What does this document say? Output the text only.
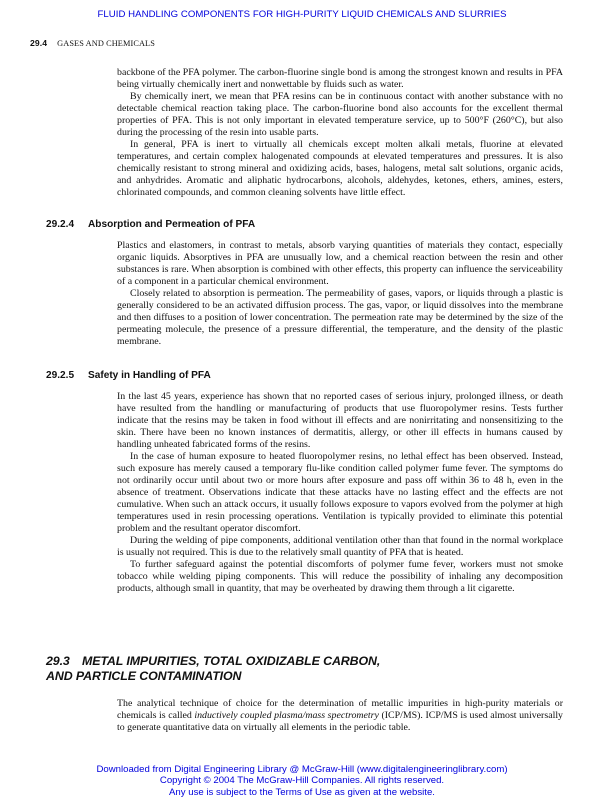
FLUID HANDLING COMPONENTS FOR HIGH-PURITY LIQUID CHEMICALS AND SLURRIES
29.4 GASES AND CHEMICALS

backbone of the PFA polymer. The carbon-fluorine single bond is among the strongest known and results in PFA being virtually chemically inert and nonwettable by fluids such as water.

By chemically inert, we mean that PFA resins can be in continuous contact with another substance with no detectable chemical reaction taking place. The carbon-fluorine bond also accounts for the excellent thermal properties of PFA. This is not only important in elevated temperature service, up to 500°F (260°C), but also during the processing of the resin into usable parts.

In general, PFA is inert to virtually all chemicals except molten alkali metals, fluorine at elevated temperatures, and certain complex halogenated compounds at elevated temperatures and pressures. It is also chemically resistant to strong mineral and oxidizing acids, bases, halogens, metal salt solutions, organic acids, and anhydrides. Aromatic and aliphatic hydrocarbons, alcohols, aldehydes, ketones, ethers, amines, esters, chlorinated compounds, and common cleaning solvents have little effect.

29.2.4 Absorption and Permeation of PFA

Plastics and elastomers, in contrast to metals, absorb varying quantities of materials they contact, especially organic liquids. Absorptives in PFA are unusually low, and a chemical reaction between the resin and other substances is rare. When absorption is combined with other effects, this property can influence the serviceability of a component in a particular chemical environment.

Closely related to absorption is permeation. The permeability of gases, vapors, or liquids through a plastic is generally considered to be an activated diffusion process. The gas, vapor, or liquid dissolves into the membrane and then diffuses to a position of lower concentration. The permeation rate may be determined by the size of the permeating molecule, the presence of a pressure differential, the temperature, and the density of the plastic membrane.

29.2.5 Safety in Handling of PFA

In the last 45 years, experience has shown that no reported cases of serious injury, prolonged illness, or death have resulted from the handling or manufacturing of products that use fluoropolymer resins. Tests further indicate that the resins may be taken in food without ill effects and are nonirritating and nonsensitizing to the skin. There have been no known instances of dermatitis, allergy, or other ill effects in humans caused by handling unheated fabricated forms of the resins.

In the case of human exposure to heated fluoropolymer resins, no lethal effect has been observed. Instead, such exposure has merely caused a temporary flu-like condition called polymer fume fever. The symptoms do not ordinarily occur until about two or more hours after exposure and pass off within 36 to 48 h, even in the absence of treatment. Observations indicate that these attacks have no lasting effect and the effects are not cumulative. When such an attack occurs, it usually follows exposure to vapors evolved from the polymer at high temperatures used in resin processing operations. Ventilation is typically provided to eliminate this potential problem and the resultant operator discomfort.

During the welding of pipe components, additional ventilation other than that found in the normal workplace is usually not required. This is due to the relatively small quantity of PFA that is heated.

To further safeguard against the potential discomforts of polymer fume fever, workers must not smoke tobacco while welding piping components. This will reduce the possibility of inhaling any decomposition products, although small in quantity, that may be overheated by drawing them through a lit cigarette.

29.3 METAL IMPURITIES, TOTAL OXIDIZABLE CARBON,
AND PARTICLE CONTAMINATION

The analytical technique of choice for the determination of metallic impurities in high-purity materials or chemicals is called inductively coupled plasma/mass spectrometry (ICP/MS). ICP/MS is used almost universally to generate quantitative data on virtually all elements in the periodic table.

Downloaded from Digital Engineering Library @ McGraw-Hill (www.digitalengineeringlibrary.com)
Copyright © 2004 The McGraw-Hill Companies. All rights reserved.
Any use is subject to the Terms of Use as given at the website.
